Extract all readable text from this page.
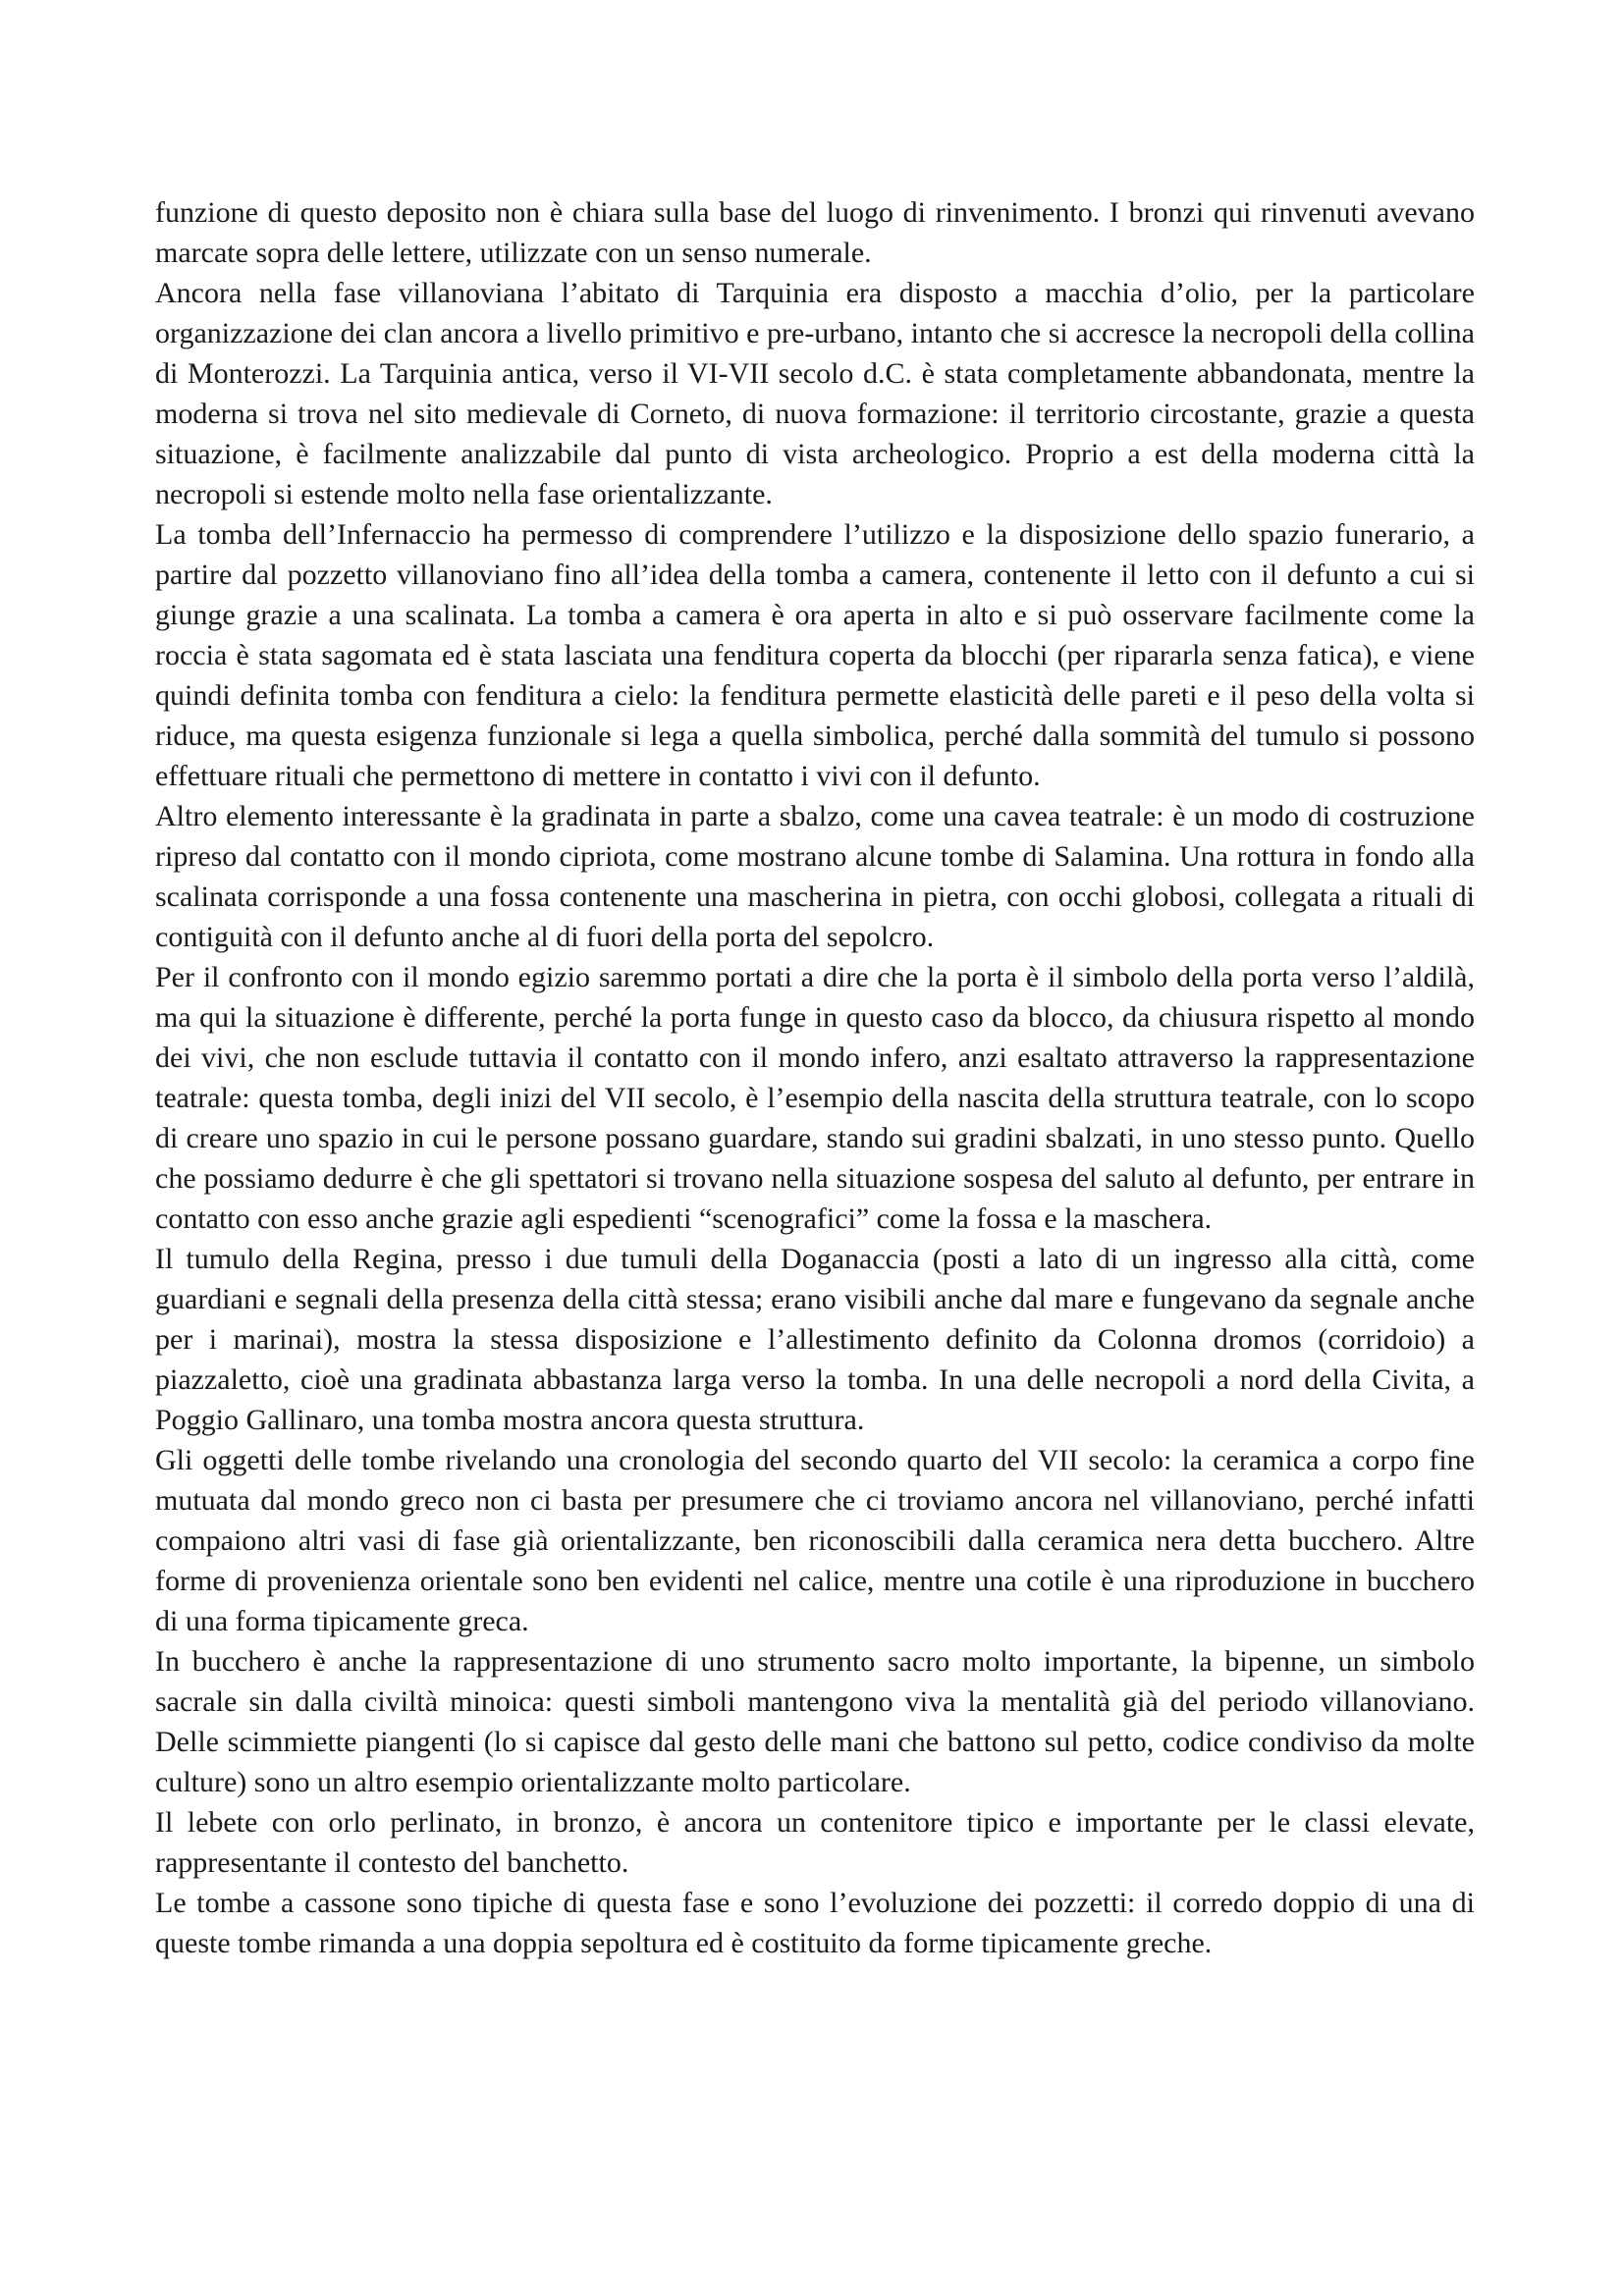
funzione di questo deposito non è chiara sulla base del luogo di rinvenimento. I bronzi qui rinvenuti avevano marcate sopra delle lettere, utilizzate con un senso numerale.

Ancora nella fase villanoviana l’abitato di Tarquinia era disposto a macchia d’olio, per la particolare organizzazione dei clan ancora a livello primitivo e pre-urbano, intanto che si accresce la necropoli della collina di Monterozzi. La Tarquinia antica, verso il VI-VII secolo d.C. è stata completamente abbandonata, mentre la moderna si trova nel sito medievale di Corneto, di nuova formazione: il territorio circostante, grazie a questa situazione, è facilmente analizzabile dal punto di vista archeologico. Proprio a est della moderna città la necropoli si estende molto nella fase orientalizzante.

La tomba dell’Infernaccio ha permesso di comprendere l’utilizzo e la disposizione dello spazio funerario, a partire dal pozzetto villanoviano fino all’idea della tomba a camera, contenente il letto con il defunto a cui si giunge grazie a una scalinata. La tomba a camera è ora aperta in alto e si può osservare facilmente come la roccia è stata sagomata ed è stata lasciata una fenditura coperta da blocchi (per ripararla senza fatica), e viene quindi definita tomba con fenditura a cielo: la fenditura permette elasticità delle pareti e il peso della volta si riduce, ma questa esigenza funzionale si lega a quella simbolica, perché dalla sommità del tumulo si possono effettuare rituali che permettono di mettere in contatto i vivi con il defunto.

Altro elemento interessante è la gradinata in parte a sbalzo, come una cavea teatrale: è un modo di costruzione ripreso dal contatto con il mondo cipriota, come mostrano alcune tombe di Salamina. Una rottura in fondo alla scalinata corrisponde a una fossa contenente una mascherina in pietra, con occhi globosi, collegata a rituali di contiguità con il defunto anche al di fuori della porta del sepolcro.

Per il confronto con il mondo egizio saremmo portati a dire che la porta è il simbolo della porta verso l’aldilà, ma qui la situazione è differente, perché la porta funge in questo caso da blocco, da chiusura rispetto al mondo dei vivi, che non esclude tuttavia il contatto con il mondo infero, anzi esaltato attraverso la rappresentazione teatrale: questa tomba, degli inizi del VII secolo, è l’esempio della nascita della struttura teatrale, con lo scopo di creare uno spazio in cui le persone possano guardare, stando sui gradini sbalzati, in uno stesso punto. Quello che possiamo dedurre è che gli spettatori si trovano nella situazione sospesa del saluto al defunto, per entrare in contatto con esso anche grazie agli espedienti “scenografici” come la fossa e la maschera.

Il tumulo della Regina, presso i due tumuli della Doganaccia (posti a lato di un ingresso alla città, come guardiani e segnali della presenza della città stessa; erano visibili anche dal mare e fungevano da segnale anche per i marinai), mostra la stessa disposizione e l’allestimento definito da Colonna dromos (corridoio) a piazzaletto, cioè una gradinata abbastanza larga verso la tomba. In una delle necropoli a nord della Civita, a Poggio Gallinaro, una tomba mostra ancora questa struttura.

Gli oggetti delle tombe rivelando una cronologia del secondo quarto del VII secolo: la ceramica a corpo fine mutuata dal mondo greco non ci basta per presumere che ci troviamo ancora nel villanoviano, perché infatti compaiono altri vasi di fase già orientalizzante, ben riconoscibili dalla ceramica nera detta bucchero. Altre forme di provenienza orientale sono ben evidenti nel calice, mentre una cotile è una riproduzione in bucchero di una forma tipicamente greca.

In bucchero è anche la rappresentazione di uno strumento sacro molto importante, la bipenne, un simbolo sacrale sin dalla civiltà minoica: questi simboli mantengono viva la mentalità già del periodo villanoviano. Delle scimmiette piangenti (lo si capisce dal gesto delle mani che battono sul petto, codice condiviso da molte culture) sono un altro esempio orientalizzante molto particolare.

Il lebete con orlo perlinato, in bronzo, è ancora un contenitore tipico e importante per le classi elevate, rappresentante il contesto del banchetto.

Le tombe a cassone sono tipiche di questa fase e sono l’evoluzione dei pozzetti: il corredo doppio di una di queste tombe rimanda a una doppia sepoltura ed è costituito da forme tipicamente greche.
